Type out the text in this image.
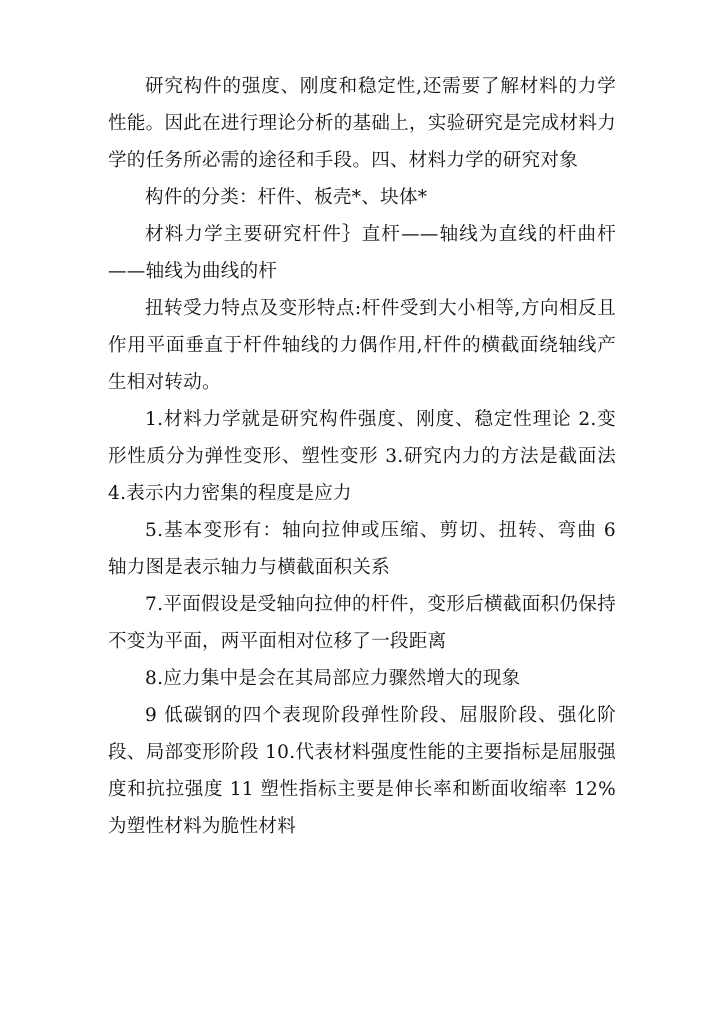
研究构件的强度、刚度和稳定性,还需要了解材料的力学性能。因此在进行理论分析的基础上，实验研究是完成材料力学的任务所必需的途径和手段。四、材料力学的研究对象

构件的分类：杆件、板壳*、块体*

材料力学主要研究杆件｝直杆——轴线为直线的杆曲杆——轴线为曲线的杆

扭转受力特点及变形特点:杆件受到大小相等,方向相反且作用平面垂直于杆件轴线的力偶作用,杆件的横截面绕轴线产生相对转动。

1.材料力学就是研究构件强度、刚度、稳定性理论 2.变形性质分为弹性变形、塑性变形 3.研究内力的方法是截面法 4.表示内力密集的程度是应力

5.基本变形有：轴向拉伸或压缩、剪切、扭转、弯曲 6 轴力图是表示轴力与横截面积关系

7.平面假设是受轴向拉伸的杆件，变形后横截面积仍保持不变为平面，两平面相对位移了一段距离

8.应力集中是会在其局部应力骤然增大的现象

9 低碳钢的四个表现阶段弹性阶段、屈服阶段、强化阶段、局部变形阶段 10.代表材料强度性能的主要指标是屈服强度和抗拉强度 11 塑性指标主要是伸长率和断面收缩率 12%为塑性材料为脆性材料
